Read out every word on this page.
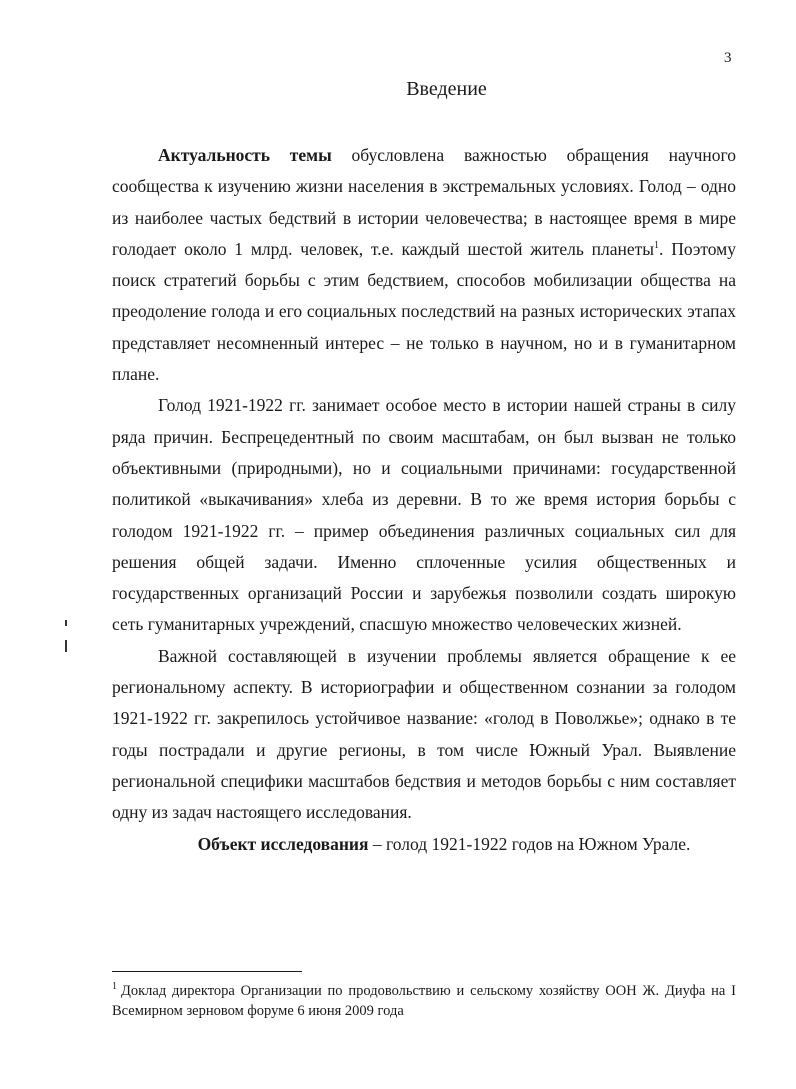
3
Введение

Актуальность темы обусловлена важностью обращения научного сообщества к изучению жизни населения в экстремальных условиях. Голод – одно из наиболее частых бедствий в истории человечества; в настоящее время в мире голодает около 1 млрд. человек, т.е. каждый шестой житель планеты$^1$. Поэтому поиск стратегий борьбы с этим бедствием, способов мобилизации общества на преодоление голода и его социальных последствий на разных исторических этапах представляет несомненный интерес – не только в научном, но и в гуманитарном плане.

Голод 1921-1922 гг. занимает особое место в истории нашей страны в силу ряда причин. Беспрецедентный по своим масштабам, он был вызван не только объективными (природными), но и социальными причинами: государственной политикой «выкачивания» хлеба из деревни. В то же время история борьбы с голодом 1921-1922 гг. – пример объединения различных социальных сил для решения общей задачи. Именно сплоченные усилия общественных и государственных организаций России и зарубежья позволили создать широкую сеть гуманитарных учреждений, спасшую множество человеческих жизней.

Важной составляющей в изучении проблемы является обращение к ее региональному аспекту. В историографии и общественном сознании за голодом 1921-1922 гг. закрепилось устойчивое название: «голод в Поволжье»; однако в те годы пострадали и другие регионы, в том числе Южный Урал. Выявление региональной специфики масштабов бедствия и методов борьбы с ним составляет одну из задач настоящего исследования.

Объект исследования – голод 1921-1922 годов на Южном Урале.

$^1$ Доклад директора Организации по продовольствию и сельскому хозяйству ООН Ж. Диуфа на I Всемирном зерновом форуме 6 июня 2009 года
